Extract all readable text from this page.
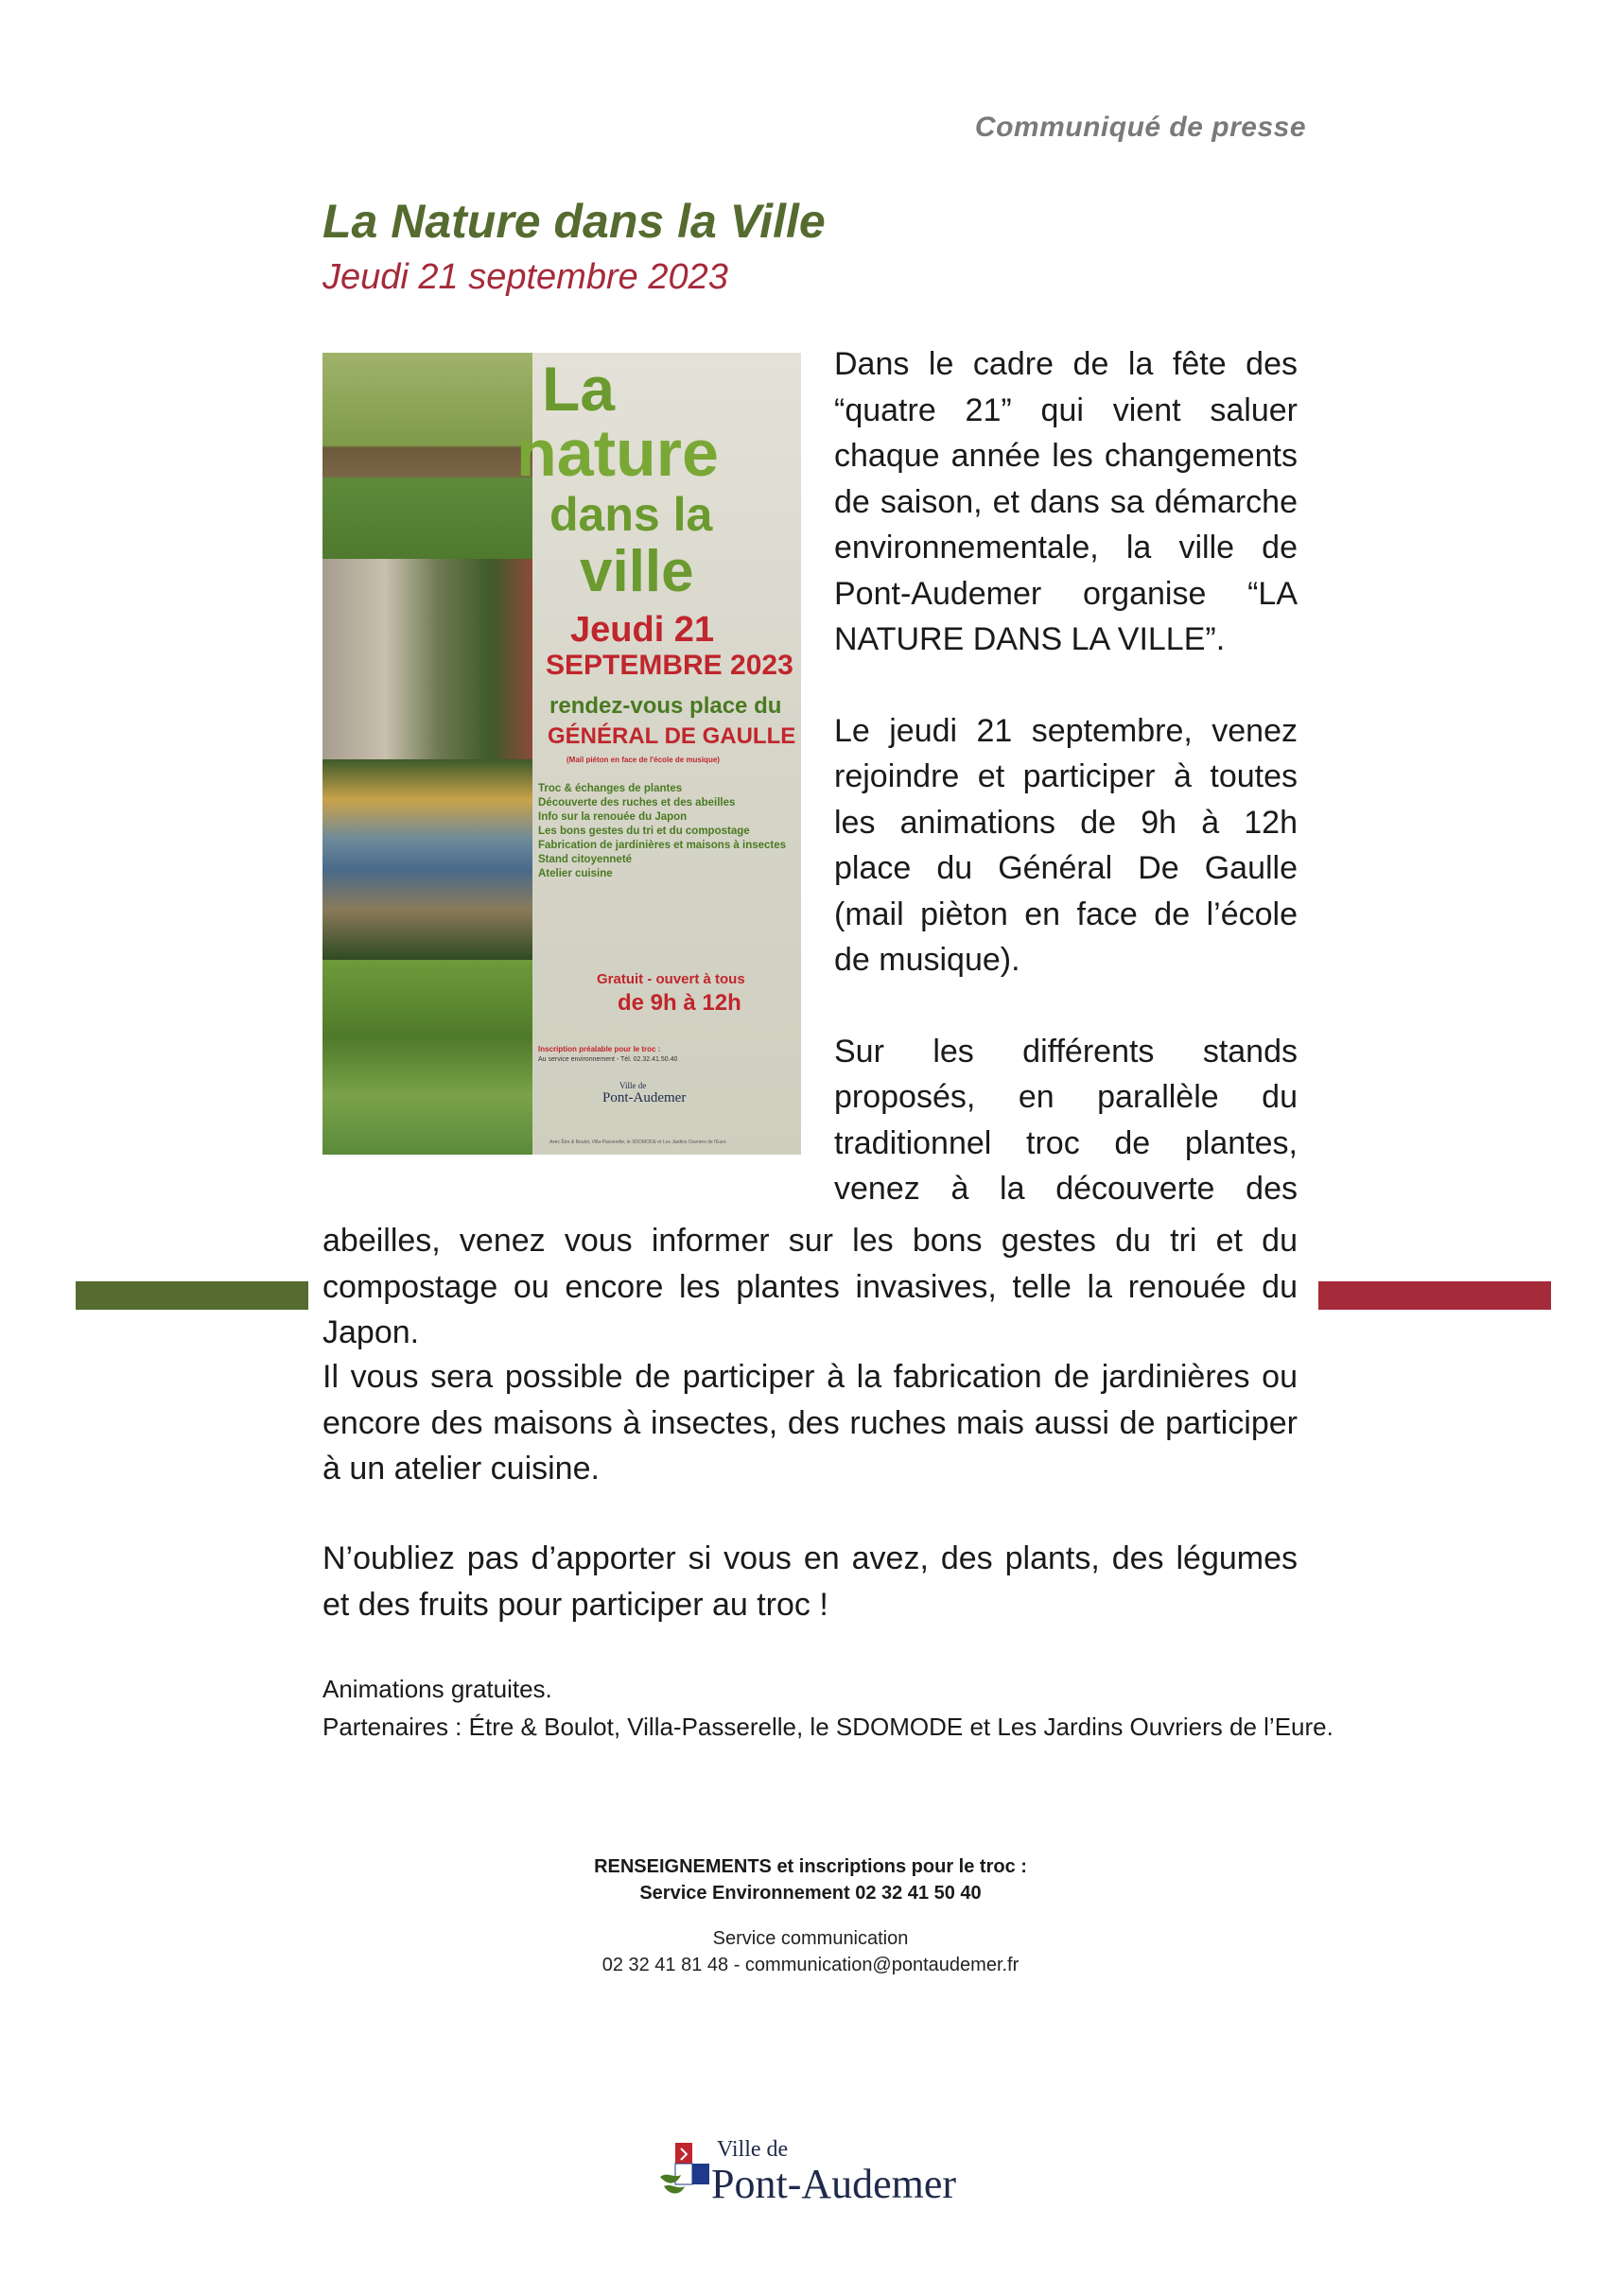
Communiqué de presse
La Nature dans la Ville
Jeudi 21 septembre 2023
La
nature
dans la
ville
Jeudi 21
SEPTEMBRE 2023
rendez-vous place du
GÉNÉRAL DE GAULLE
(Mail piéton en face de l'école de musique)
Troc & échanges de plantes
Découverte des ruches et des abeilles
Info sur la renouée du Japon
Les bons gestes du tri et du compostage
Fabrication de jardinières et maisons à insectes
Stand citoyenneté
Atelier cuisine
Gratuit - ouvert à tous
de 9h à 12h
Inscription préalable pour le troc :
Au service environnement - Tél. 02.32.41.50.40
Ville de
Pont-Audemer
Avec Être & Boulot, Villa-Passerelle, le SDOMODE et Les Jardins Ouvriers de l'Eure.

Dans le cadre de la fête des “quatre 21” qui vient saluer chaque année les changements de saison, et dans sa démarche environnementale, la ville de Pont-Audemer organise “LA NATURE DANS LA VILLE”.

Le jeudi 21 septembre, venez rejoindre et participer à toutes les animations de 9h à 12h place du Général De Gaulle (mail pièton en face de l’école de musique).

Sur les différents stands proposés, en parallèle du traditionnel troc de plantes, venez à la découverte des

abeilles, venez vous informer sur les bons gestes du tri et du compostage ou encore les plantes invasives, telle la renouée du Japon.

Il vous sera possible de participer à la fabrication de jardinières ou encore des maisons à insectes, des ruches mais aussi de participer à un atelier cuisine.

N’oubliez pas d’apporter si vous en avez, des plants, des légumes et des fruits pour participer au troc !

Animations gratuites.
Partenaires : Étre & Boulot, Villa-Passerelle, le SDOMODE et Les Jardins Ouvriers de l’Eure.
RENSEIGNEMENTS et inscriptions pour le troc :
Service Environnement 02 32 41 50 40
Service communication
02 32 41 81 48 - communication@pontaudemer.fr
Ville de
Pont-Audemer
